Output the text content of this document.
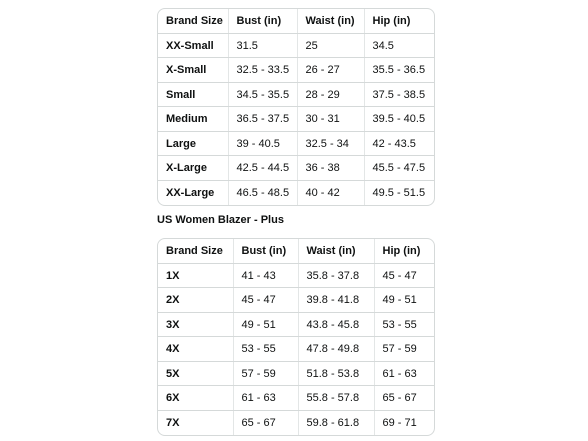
Brand Size	Bust (in)	Waist (in)	Hip (in)
XX-Small	31.5	25	34.5
X-Small	32.5 - 33.5	26 - 27	35.5 - 36.5
Small	34.5 - 35.5	28 - 29	37.5 - 38.5
Medium	36.5 - 37.5	30 - 31	39.5 - 40.5
Large	39 - 40.5	32.5 - 34	42 - 43.5
X-Large	42.5 - 44.5	36 - 38	45.5 - 47.5
XX-Large	46.5 - 48.5	40 - 42	49.5 - 51.5
US Women Blazer - Plus
Brand Size	Bust (in)	Waist (in)	Hip (in)
1X	41 - 43	35.8 - 37.8	45 - 47
2X	45 - 47	39.8 - 41.8	49 - 51
3X	49 - 51	43.8 - 45.8	53 - 55
4X	53 - 55	47.8 - 49.8	57 - 59
5X	57 - 59	51.8 - 53.8	61 - 63
6X	61 - 63	55.8 - 57.8	65 - 67
7X	65 - 67	59.8 - 61.8	69 - 71
